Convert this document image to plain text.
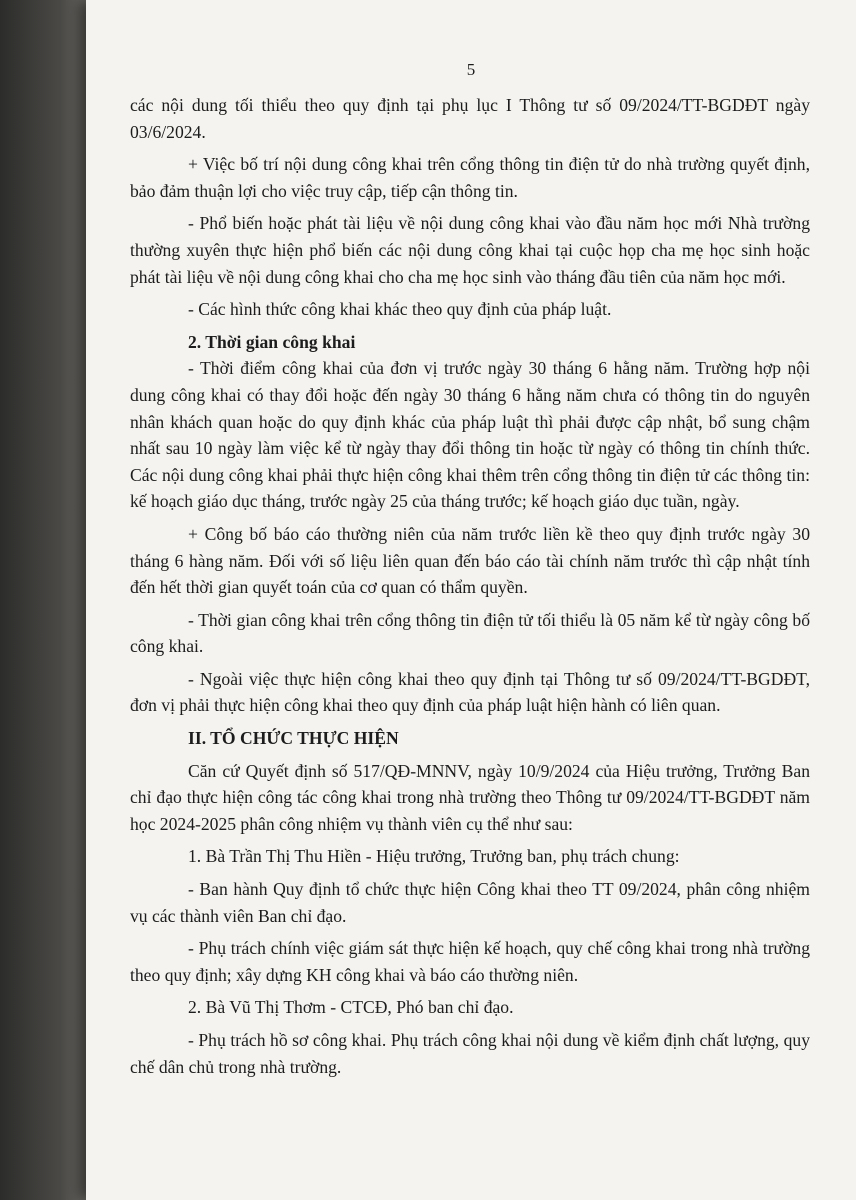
5

các nội dung tối thiểu theo quy định tại phụ lục I Thông tư số 09/2024/TT-BGDĐT ngày 03/6/2024.

+ Việc bố trí nội dung công khai trên cổng thông tin điện tử do nhà trường quyết định, bảo đảm thuận lợi cho việc truy cập, tiếp cận thông tin.

- Phổ biến hoặc phát tài liệu về nội dung công khai vào đầu năm học mới Nhà trường thường xuyên thực hiện phổ biến các nội dung công khai tại cuộc họp cha mẹ học sinh hoặc phát tài liệu về nội dung công khai cho cha mẹ học sinh vào tháng đầu tiên của năm học mới.

- Các hình thức công khai khác theo quy định của pháp luật.

2. Thời gian công khai

- Thời điểm công khai của đơn vị trước ngày 30 tháng 6 hằng năm. Trường hợp nội dung công khai có thay đổi hoặc đến ngày 30 tháng 6 hằng năm chưa có thông tin do nguyên nhân khách quan hoặc do quy định khác của pháp luật thì phải được cập nhật, bổ sung chậm nhất sau 10 ngày làm việc kể từ ngày thay đổi thông tin hoặc từ ngày có thông tin chính thức. Các nội dung công khai phải thực hiện công khai thêm trên cổng thông tin điện tử các thông tin: kế hoạch giáo dục tháng, trước ngày 25 của tháng trước; kế hoạch giáo dục tuần, ngày.

+ Công bố báo cáo thường niên của năm trước liền kề theo quy định trước ngày 30 tháng 6 hàng năm. Đối với số liệu liên quan đến báo cáo tài chính năm trước thì cập nhật tính đến hết thời gian quyết toán của cơ quan có thẩm quyền.

- Thời gian công khai trên cổng thông tin điện tử tối thiểu là 05 năm kể từ ngày công bố công khai.

- Ngoài việc thực hiện công khai theo quy định tại Thông tư số 09/2024/TT-BGDĐT, đơn vị phải thực hiện công khai theo quy định của pháp luật hiện hành có liên quan.

II. TỔ CHỨC THỰC HIỆN

Căn cứ Quyết định số 517/QĐ-MNNV, ngày 10/9/2024 của Hiệu trưởng, Trưởng Ban chỉ đạo thực hiện công tác công khai trong nhà trường theo Thông tư 09/2024/TT-BGDĐT năm học 2024-2025 phân công nhiệm vụ thành viên cụ thể như sau:

1. Bà Trần Thị Thu Hiền - Hiệu trưởng, Trưởng ban, phụ trách chung:

- Ban hành Quy định tổ chức thực hiện Công khai theo TT 09/2024, phân công nhiệm vụ các thành viên Ban chỉ đạo.

- Phụ trách chính việc giám sát thực hiện kế hoạch, quy chế công khai trong nhà trường theo quy định; xây dựng KH công khai và báo cáo thường niên.

2. Bà Vũ Thị Thơm - CTCĐ, Phó ban chỉ đạo.

- Phụ trách hồ sơ công khai. Phụ trách công khai nội dung về kiểm định chất lượng, quy chế dân chủ trong nhà trường.
